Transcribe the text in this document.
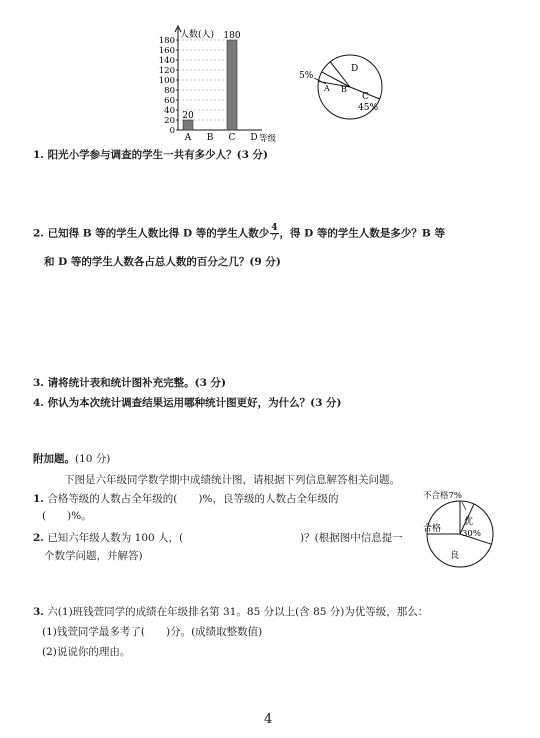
0
20
40
60
80
100
120
140
160
180
人数(人)
20
A B
180
C D 等级
D
A B
C
45%
5%
1. 阳光小学参与调查的学生一共有多少人？(3 分)
2. 已知得 B 等的学生人数比得 D 等的学生人数少 $\frac{4}{7}$ ，得 D 等的学生人数是多少？B 等
和 D 等的学生人数各占总人数的百分之几？(9 分)
3. 请将统计表和统计图补充完整。(3 分)
4. 你认为本次统计调查结果运用哪种统计图更好，为什么？(3 分)
附加题。(10 分)
下图是六年级同学数学期中成绩统计图，请根据下列信息解答相关问题。
1. 合格等级的人数占全年级的(　　)%，良等级的人数占全年级的
(　　)%。
2. 已知六年级人数为 100 人，(	)？(根据图中信息提一
个数学问题，并解答)
不合格7%
合格
优
30%
良
3. 六(1)班钱萱同学的成绩在年级排名第 31。85 分以上(含 85 分)为优等级，那么：
(1)钱萱同学最多考了(　　)分。(成绩取整数值)
(2)说说你的理由。
4
